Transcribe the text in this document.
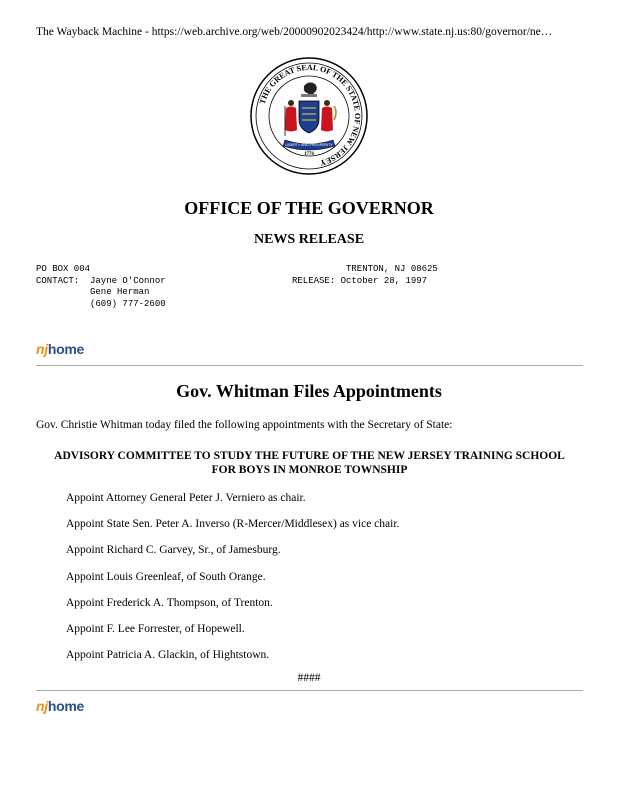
The Wayback Machine - https://web.archive.org/web/20000902023424/http://www.state.nj.us:80/governor/ne…
THE GREAT SEAL OF THE STATE OF NEW JERSEY
LIBERTY AND PROSPERITY
1776
OFFICE OF THE GOVERNOR
NEWS RELEASE
PO BOX 004
CONTACT:  Jayne O'Connor
Gene Herman
(609) 777-2600
TRENTON, NJ 08625
RELEASE: October 28, 1997
nj home
Gov. Whitman Files Appointments
Gov. Christie Whitman today filed the following appointments with the Secretary of State:
ADVISORY COMMITTEE TO STUDY THE FUTURE OF THE NEW JERSEY TRAINING SCHOOL
FOR BOYS IN MONROE TOWNSHIP
Appoint Attorney General Peter J. Verniero as chair.
Appoint State Sen. Peter A. Inverso (R-Mercer/Middlesex) as vice chair.
Appoint Richard C. Garvey, Sr., of Jamesburg.
Appoint Louis Greenleaf, of South Orange.
Appoint Frederick A. Thompson, of Trenton.
Appoint F. Lee Forrester, of Hopewell.
Appoint Patricia A. Glackin, of Hightstown.
####
nj home
